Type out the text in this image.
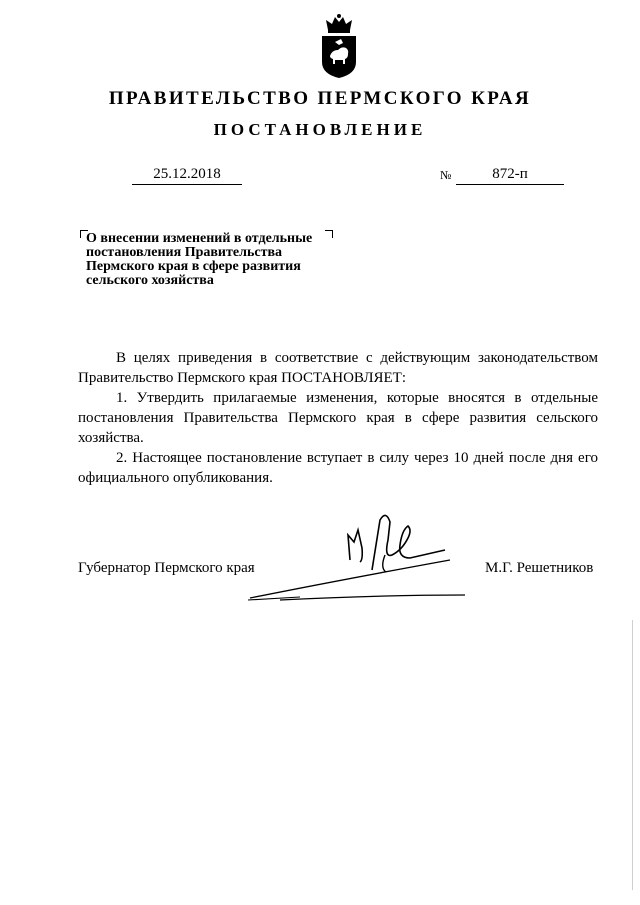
ПРАВИТЕЛЬСТВО ПЕРМСКОГО КРАЯ
ПОСТАНОВЛЕНИЕ
25.12.2018	№	872-п
О внесении изменений в отдельные
постановления Правительства
Пермского края в сфере развития
сельского хозяйства

В целях приведения в соответствие с действующим законодательством Правительство Пермского края ПОСТАНОВЛЯЕТ:

1. Утвердить прилагаемые изменения, которые вносятся в отдельные постановления Правительства Пермского края в сфере развития сельского хозяйства.

2. Настоящее постановление вступает в силу через 10 дней после дня его официального опубликования.

Губернатор Пермского края	М.Г. Решетников
